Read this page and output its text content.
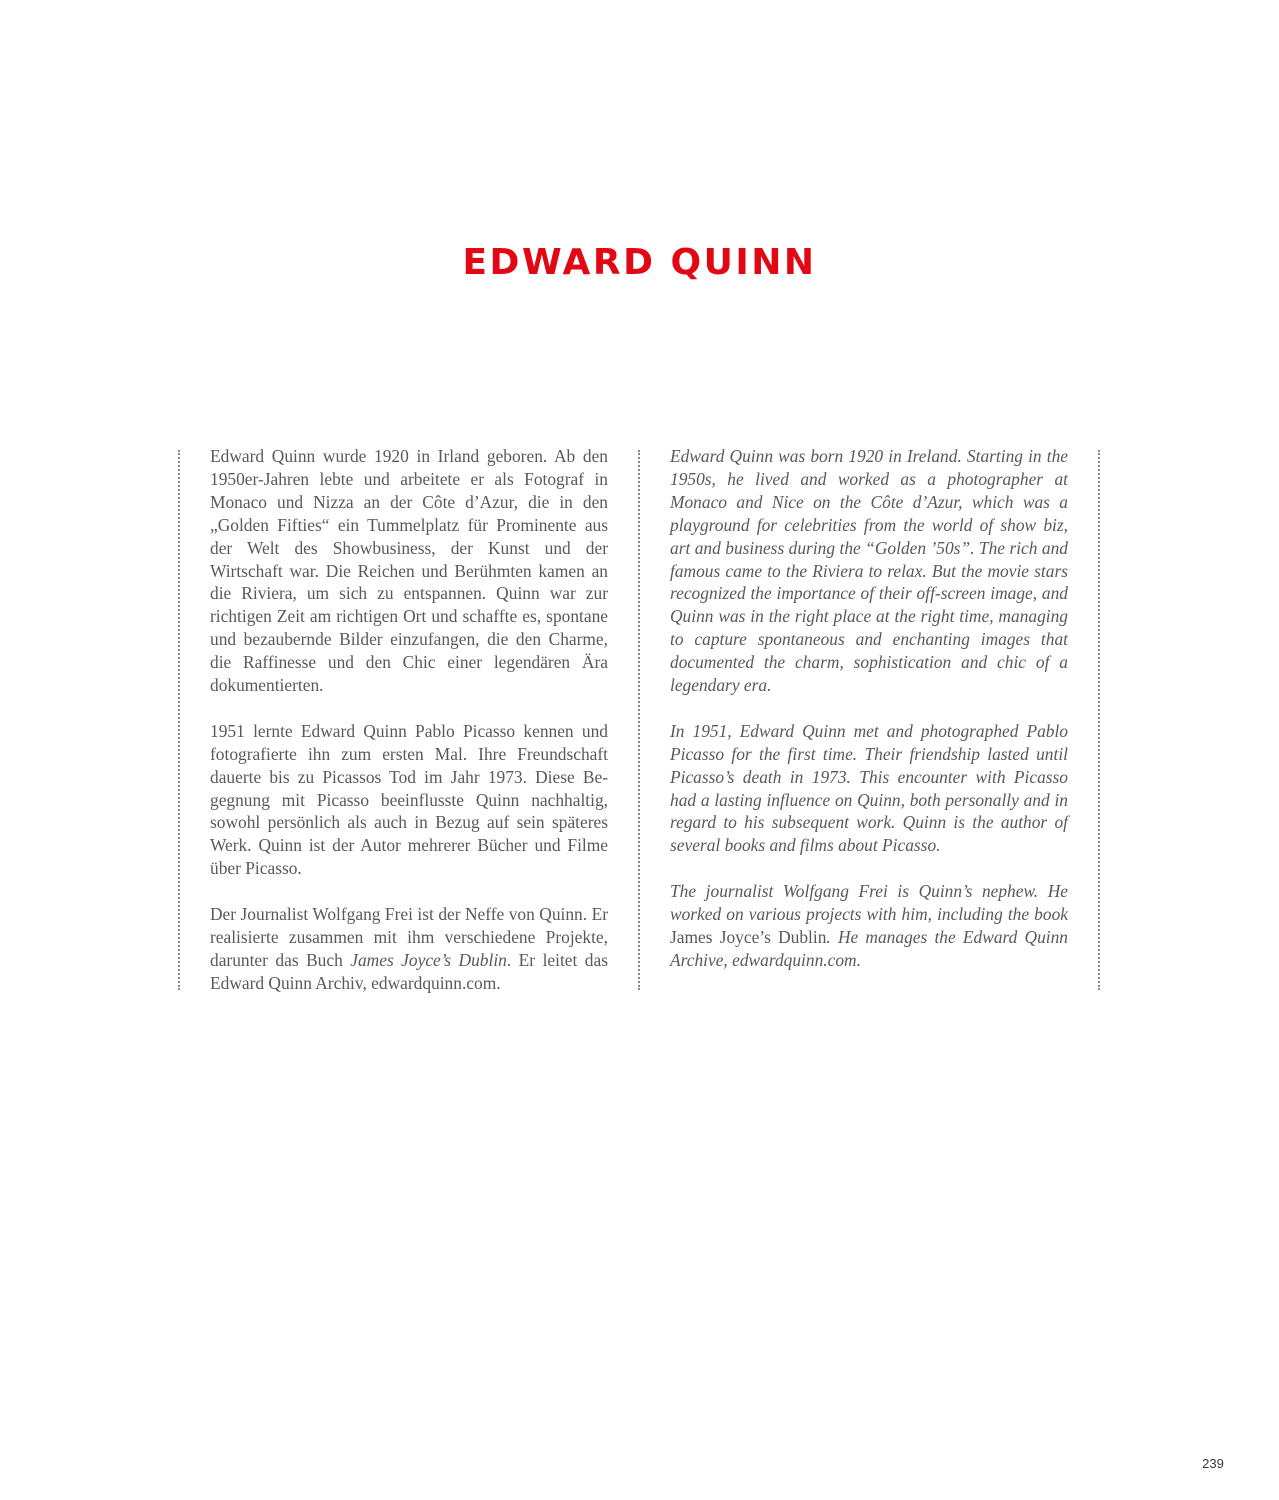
EDWARD QUINN

Edward Quinn wurde 1920 in Irland geboren. Ab den 1950er-Jahren lebte und arbeitete er als Fotograf in Monaco und Nizza an der Côte d’Azur, die in den „Golden Fifties“ ein Tummelplatz für Prominente aus der Welt des Showbusiness, der Kunst und der Wirtschaft war. Die Reichen und Berühmten kamen an die Riviera, um sich zu entspannen. Quinn war zur richtigen Zeit am richtigen Ort und schaffte es, spontane und bezaubernde Bilder einzufangen, die den Charme, die Raffinesse und den Chic einer legendären Ära dokumentierten.

1951 lernte Edward Quinn Pablo Picasso kennen und fotografierte ihn zum ersten Mal. Ihre Freundschaft dauerte bis zu Picassos Tod im Jahr 1973. Diese Begegnung mit Picasso beeinflusste Quinn nachhaltig, sowohl persönlich als auch in Bezug auf sein späteres Werk. Quinn ist der Autor mehrerer Bücher und Filme über Picasso.

Der Journalist Wolfgang Frei ist der Neffe von Quinn. Er realisierte zusammen mit ihm verschiedene Projekte, darunter das Buch James Joyce’s Dublin. Er leitet das Edward Quinn Archiv, edwardquinn.com.

Edward Quinn was born 1920 in Ireland. Starting in the 1950s, he lived and worked as a photographer at Monaco and Nice on the Côte d’Azur, which was a playground for celebrities from the world of show biz, art and business during the “Golden ’50s”. The rich and famous came to the Riviera to relax. But the movie stars recognized the importance of their off-screen image, and Quinn was in the right place at the right time, managing to capture spontaneous and enchanting images that documented the charm, sophistication and chic of a legendary era.

In 1951, Edward Quinn met and photographed Pablo Picasso for the first time. Their friendship lasted until Picasso’s death in 1973. This encounter with Picasso had a lasting influence on Quinn, both personally and in regard to his subsequent work. Quinn is the author of several books and films about Picasso.

The journalist Wolfgang Frei is Quinn’s nephew. He worked on various projects with him, including the book James Joyce’s Dublin. He manages the Edward Quinn Archive, edwardquinn.com.

239
